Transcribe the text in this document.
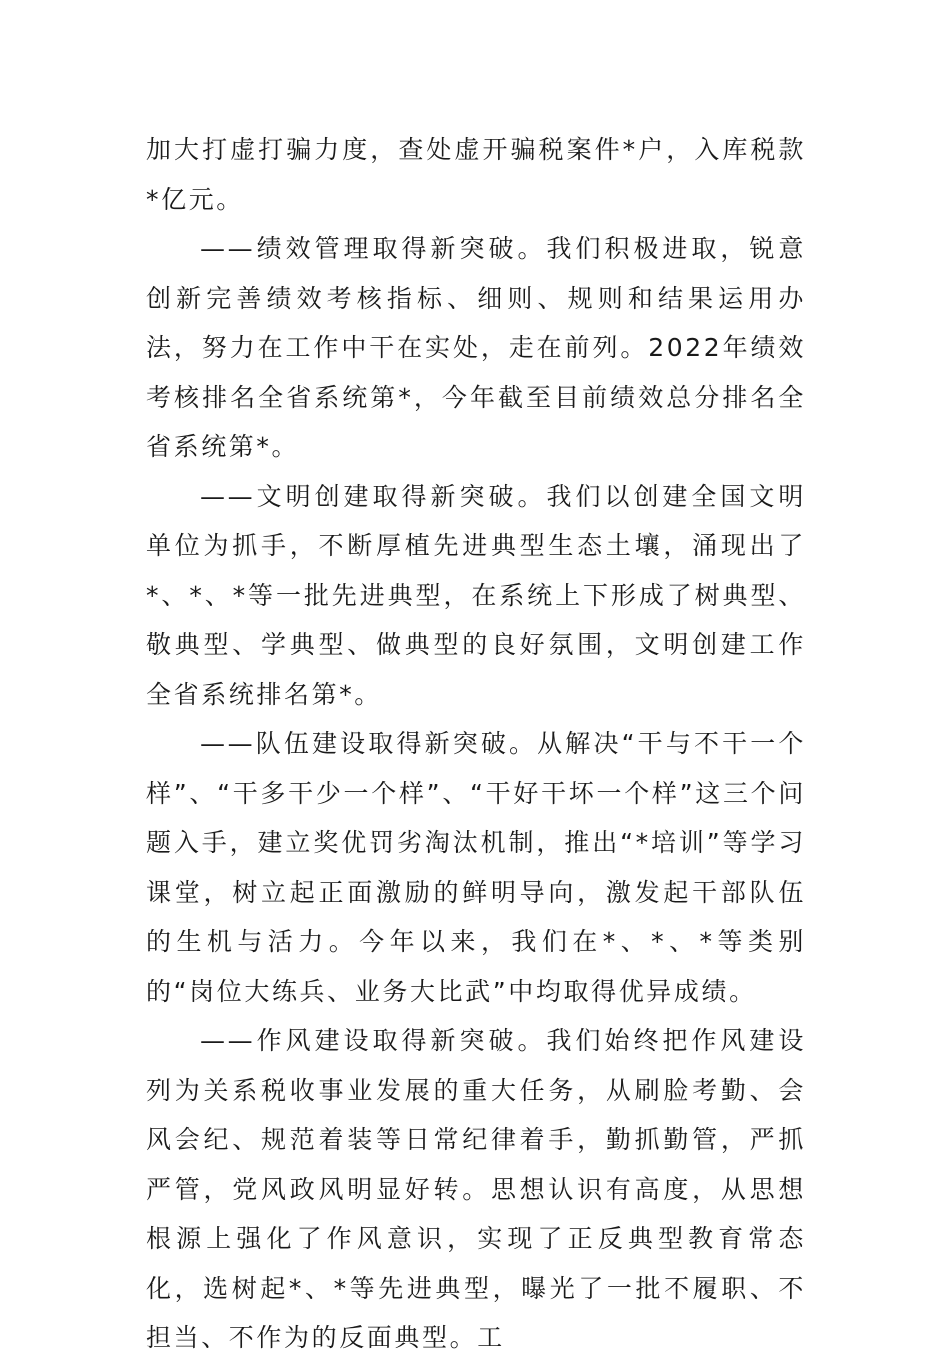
加大打虚打骗力度，查处虚开骗税案件*户，入库税款*亿元。

——绩效管理取得新突破。我们积极进取，锐意创新完善绩效考核指标、细则、规则和结果运用办法，努力在工作中干在实处，走在前列。2022年绩效考核排名全省系统第*，今年截至目前绩效总分排名全省系统第*。

——文明创建取得新突破。我们以创建全国文明单位为抓手，不断厚植先进典型生态土壤，涌现出了*、*、*等一批先进典型，在系统上下形成了树典型、敬典型、学典型、做典型的良好氛围，文明创建工作全省系统排名第*。

——队伍建设取得新突破。从解决“干与不干一个样”、“干多干少一个样”、“干好干坏一个样”这三个问题入手，建立奖优罚劣淘汰机制，推出“*培训”等学习课堂，树立起正面激励的鲜明导向，激发起干部队伍的生机与活力。今年以来，我们在*、*、*等类别的“岗位大练兵、业务大比武”中均取得优异成绩。

——作风建设取得新突破。我们始终把作风建设列为关系税收事业发展的重大任务，从刷脸考勤、会风会纪、规范着装等日常纪律着手，勤抓勤管，严抓严管，党风政风明显好转。思想认识有高度，从思想根源上强化了作风意识，实现了正反典型教育常态化，选树起*、*等先进典型，曝光了一批不履职、不担当、不作为的反面典型。工
